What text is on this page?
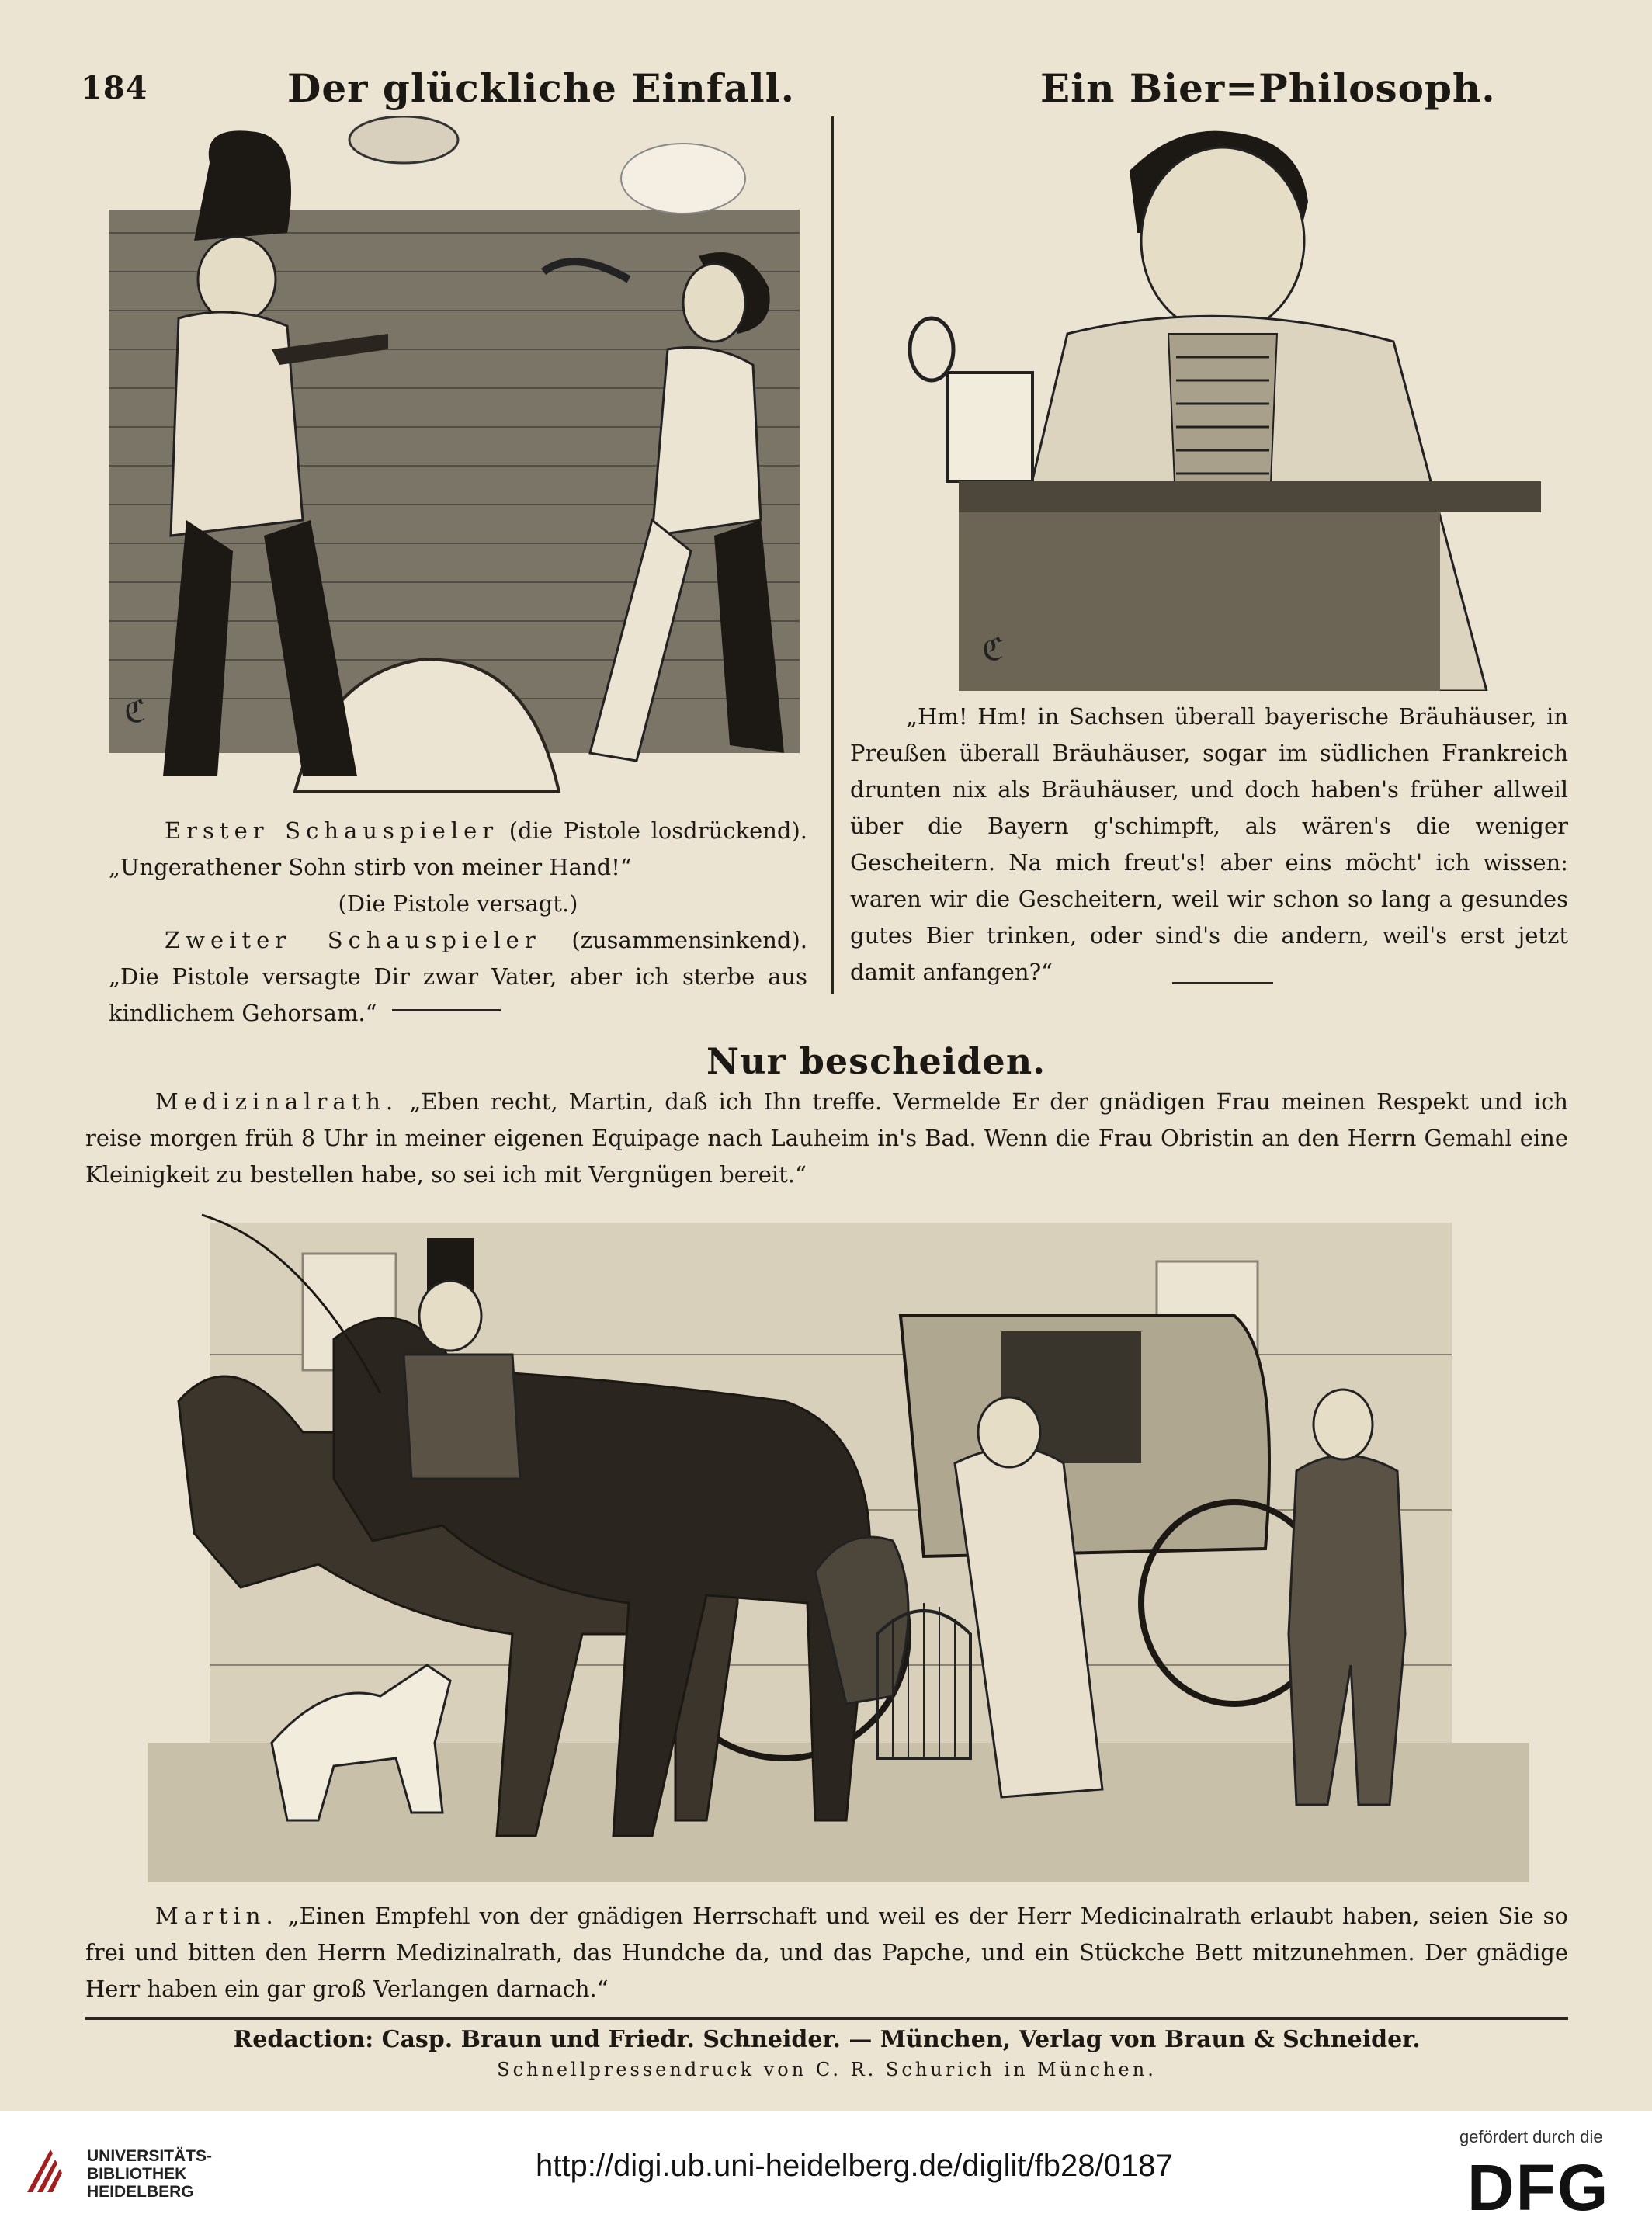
184	Der glückliche Einfall.	Ein Bier=Philosoph.
ℭ
ℭ

Erster Schauspieler (die Pistole losdrückend). „Ungerathener Sohn stirb von meiner Hand!“

(Die Pistole versagt.)

Zweiter Schauspieler (zusammensinkend). „Die Pistole versagte Dir zwar Vater, aber ich sterbe aus kindlichem Gehorsam.“

„Hm! Hm! in Sachsen überall bayerische Bräuhäuser, in Preußen überall Bräuhäuser, sogar im südlichen Frankreich drunten nix als Bräuhäuser, und doch haben's früher allweil über die Bayern g'schimpft, als wären's die weniger Gescheitern. Na mich freut's! aber eins möcht' ich wissen: waren wir die Gescheitern, weil wir schon so lang a gesundes gutes Bier trinken, oder sind's die andern, weil's erst jetzt damit anfangen?“
Nur bescheiden.
Medizinalrath. „Eben recht, Martin, daß ich Ihn treffe. Vermelde Er der gnädigen Frau meinen Respekt und ich reise morgen früh 8 Uhr in meiner eigenen Equipage nach Lauheim in's Bad. Wenn die Frau Obristin an den Herrn Gemahl eine Kleinigkeit zu bestellen habe, so sei ich mit Vergnügen bereit.“
Martin. „Einen Empfehl von der gnädigen Herrschaft und weil es der Herr Medicinalrath erlaubt haben, seien Sie so frei und bitten den Herrn Medizinalrath, das Hundche da, und das Papche, und ein Stückche Bett mitzunehmen. Der gnädige Herr haben ein gar groß Verlangen darnach.“
Redaction: Casp. Braun und Friedr. Schneider. — München, Verlag von Braun & Schneider.
Schnellpressendruck von C. R. Schurich in München.
UNIVERSITÄTS-
BIBLIOTHEK
HEIDELBERG
http://digi.ub.uni-heidelberg.de/diglit/fb28/0187
gefördert durch die
DFG
